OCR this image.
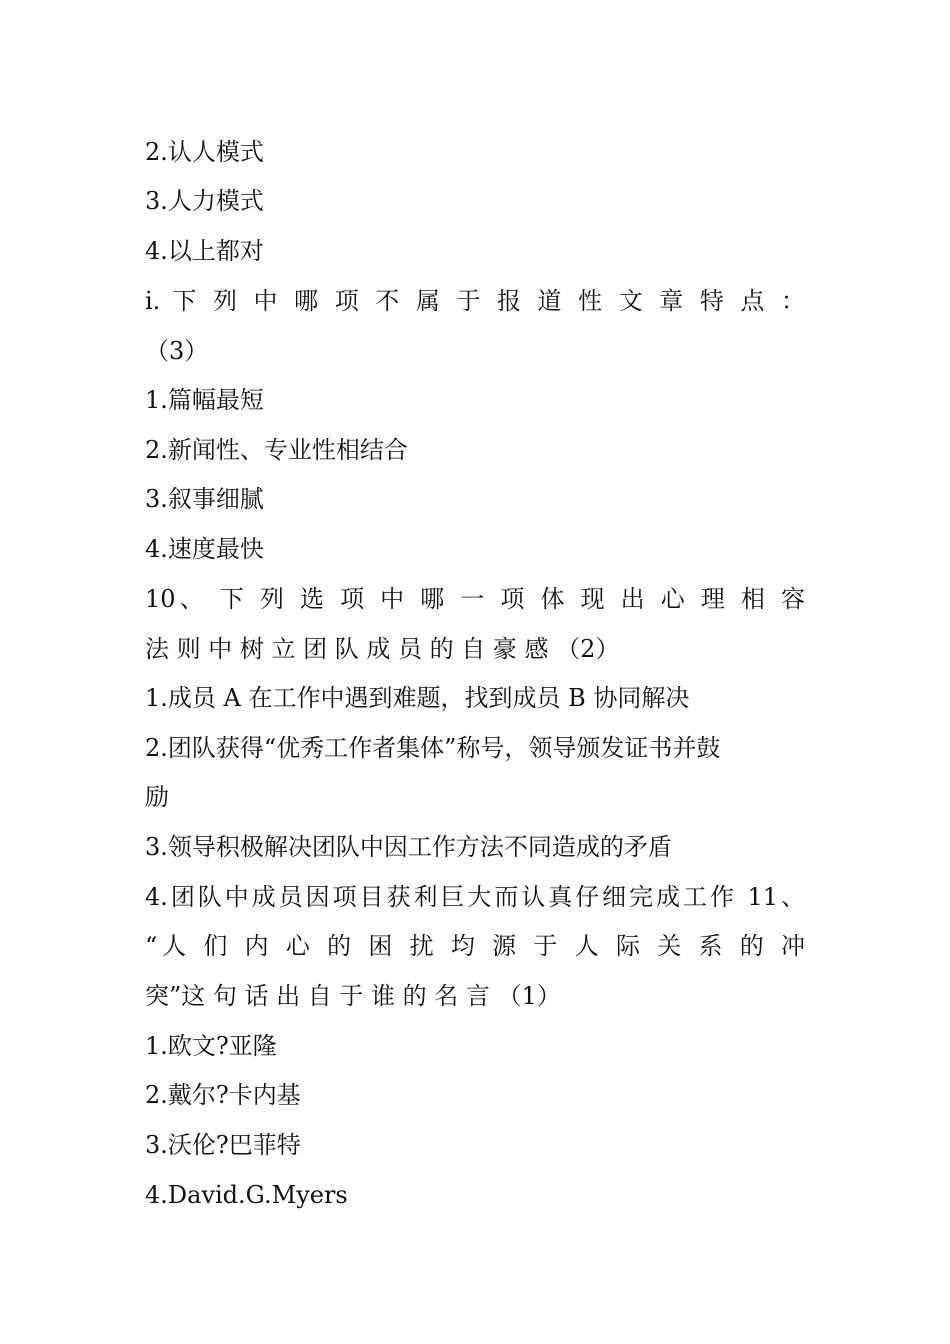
2.认人模式
3.人力模式
4.以上都对
i. 下 列 中 哪 项 不 属 于 报 道 性 文 章 特 点 ：
（3）
1.篇幅最短
2.新闻性、专业性相结合
3.叙事细腻
4.速度最快
10、 下 列 选 项 中 哪 一 项 体 现 出 心 理 相 容
法 则 中 树 立 团 队 成 员 的 自 豪 感 （2）
1.成员 A 在工作中遇到难题，找到成员 B 协同解决
2.团队获得“优秀工作者集体”称号，领导颁发证书并鼓
励
3.领导积极解决团队中因工作方法不同造成的矛盾
4.团队中成员因项目获利巨大而认真仔细完成工作 11、
“人 们 内 心 的 困 扰 均 源 于 人 际 关 系 的 冲
突”这 句 话 出 自 于 谁 的 名 言 （1）
1.欧文?亚隆
2.戴尔?卡内基
3.沃伦?巴菲特
4.David.G.Myers
